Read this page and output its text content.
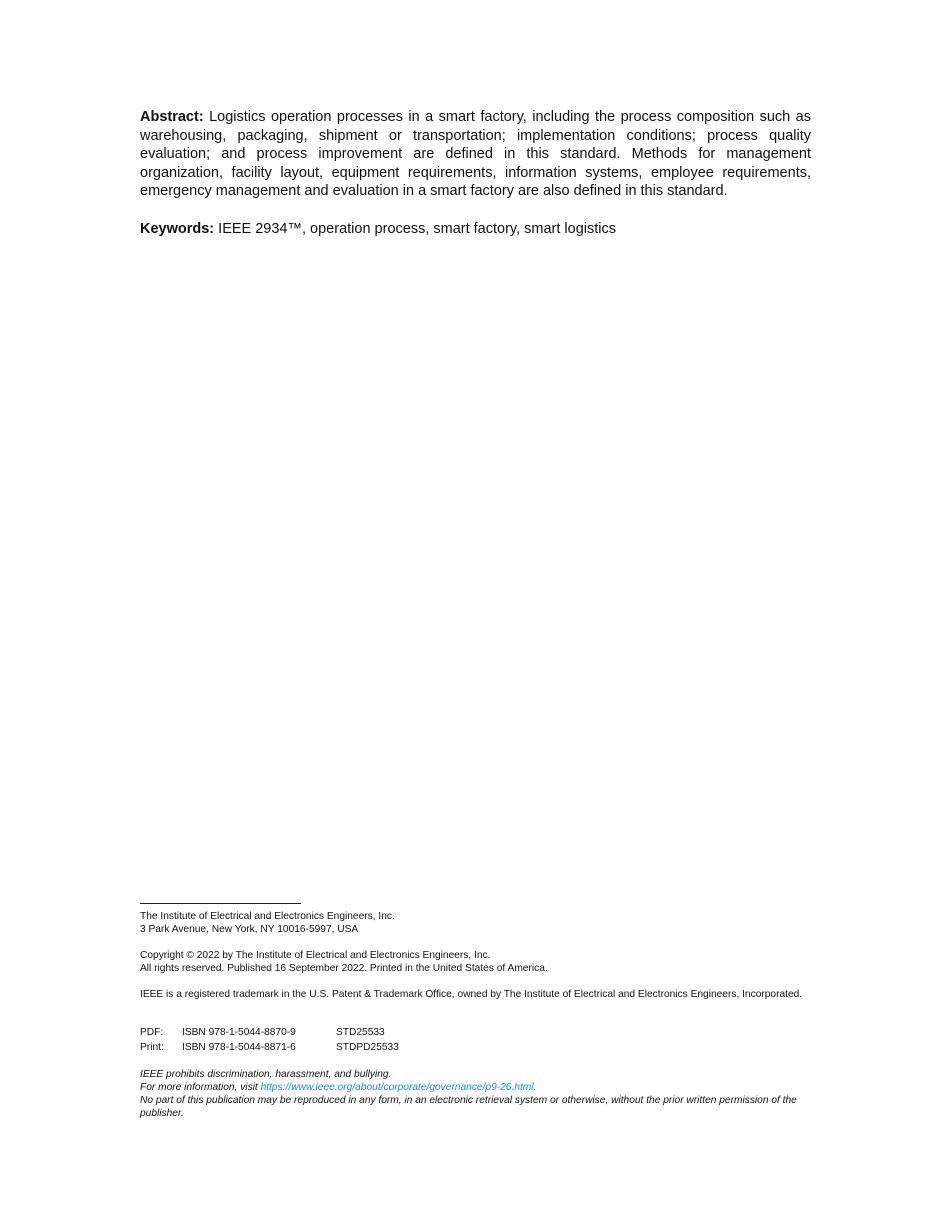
Abstract: Logistics operation processes in a smart factory, including the process composition such as warehousing, packaging, shipment or transportation; implementation conditions; process quality evaluation; and process improvement are defined in this standard. Methods for management organization, facility layout, equipment requirements, information systems, employee requirements, emergency management and evaluation in a smart factory are also defined in this standard.
Keywords: IEEE 2934™, operation process, smart factory, smart logistics
The Institute of Electrical and Electronics Engineers, Inc.
3 Park Avenue, New York, NY 10016-5997, USA
Copyright © 2022 by The Institute of Electrical and Electronics Engineers, Inc.
All rights reserved. Published 16 September 2022. Printed in the United States of America.
IEEE is a registered trademark in the U.S. Patent & Trademark Office, owned by The Institute of Electrical and Electronics Engineers, Incorporated.
PDF:	ISBN 978-1-5044-8870-9	STD25533
Print:	ISBN 978-1-5044-8871-6	STDPD25533
IEEE prohibits discrimination, harassment, and bullying.
For more information, visit https://www.ieee.org/about/corporate/governance/p9-26.html.
No part of this publication may be reproduced in any form, in an electronic retrieval system or otherwise, without the prior written permission of the publisher.
